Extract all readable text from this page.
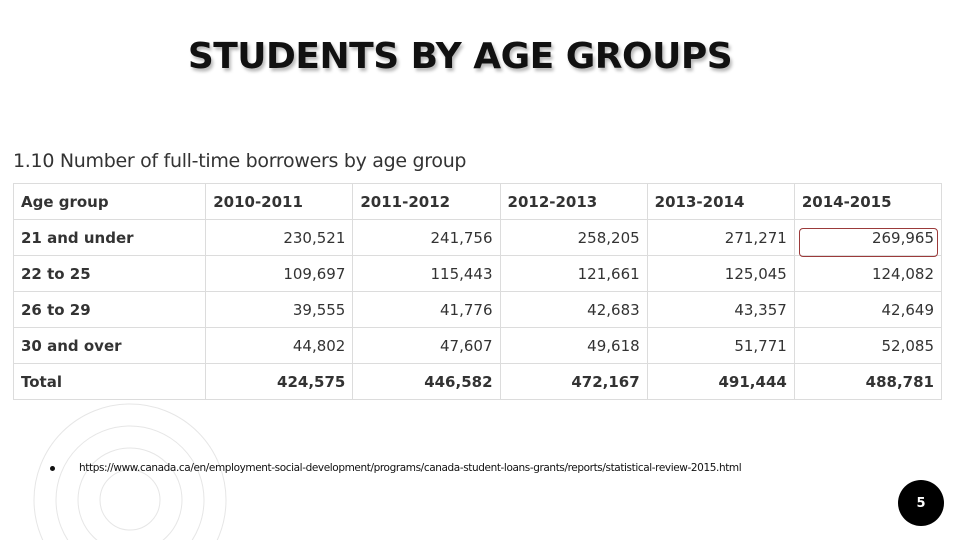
STUDENTS BY AGE GROUPS
1.10 Number of full-time borrowers by age group
Age group	2010-2011	2011-2012	2012-2013	2013-2014	2014-2015
21 and under	230,521	241,756	258,205	271,271	269,965
22 to 25	109,697	115,443	121,661	125,045	124,082
26 to 29	39,555	41,776	42,683	43,357	42,649
30 and over	44,802	47,607	49,618	51,771	52,085
Total	424,575	446,582	472,167	491,444	488,781
https://www.canada.ca/en/employment-social-development/programs/canada-student-loans-grants/reports/statistical-review-2015.html
5
